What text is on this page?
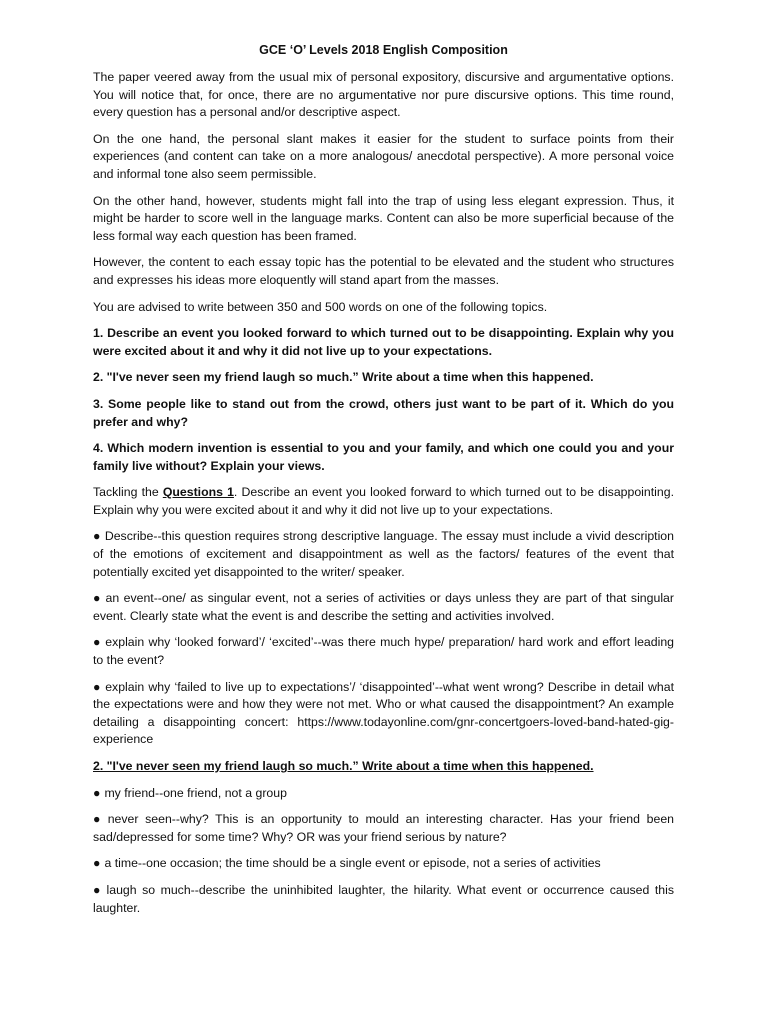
GCE ‘O’ Levels 2018 English Composition

The paper veered away from the usual mix of personal expository, discursive and argumentative options. You will notice that, for once, there are no argumentative nor pure discursive options. This time round, every question has a personal and/or descriptive aspect.

On the one hand, the personal slant makes it easier for the student to surface points from their experiences (and content can take on a more analogous/ anecdotal perspective). A more personal voice and informal tone also seem permissible.

On the other hand, however, students might fall into the trap of using less elegant expression. Thus, it might be harder to score well in the language marks. Content can also be more superficial because of the less formal way each question has been framed.

However, the content to each essay topic has the potential to be elevated and the student who structures and expresses his ideas more eloquently will stand apart from the masses.

You are advised to write between 350 and 500 words on one of the following topics.

1. Describe an event you looked forward to which turned out to be disappointing. Explain why you were excited about it and why it did not live up to your expectations.

2. "I've never seen my friend laugh so much.” Write about a time when this happened.

3. Some people like to stand out from the crowd, others just want to be part of it. Which do you prefer and why?

4. Which modern invention is essential to you and your family, and which one could you and your family live without? Explain your views.

Tackling the Questions 1. Describe an event you looked forward to which turned out to be disappointing. Explain why you were excited about it and why it did not live up to your expectations.

● Describe--this question requires strong descriptive language. The essay must include a vivid description of the emotions of excitement and disappointment as well as the factors/ features of the event that potentially excited yet disappointed to the writer/ speaker.

● an event--one/ as singular event, not a series of activities or days unless they are part of that singular event. Clearly state what the event is and describe the setting and activities involved.

● explain why ‘looked forward’/ ‘excited’--was there much hype/ preparation/ hard work and effort leading to the event?

● explain why ‘failed to live up to expectations’/ ‘disappointed’--what went wrong? Describe in detail what the expectations were and how they were not met. Who or what caused the disappointment? An example detailing a disappointing concert: https://www.todayonline.com/gnr-concertgoers-loved-band-hated-gig-experience

2. "I've never seen my friend laugh so much.” Write about a time when this happened.

● my friend--one friend, not a group

● never seen--why? This is an opportunity to mould an interesting character. Has your friend been sad/depressed for some time? Why? OR was your friend serious by nature?

● a time--one occasion; the time should be a single event or episode, not a series of activities

● laugh so much--describe the uninhibited laughter, the hilarity. What event or occurrence caused this laughter.
